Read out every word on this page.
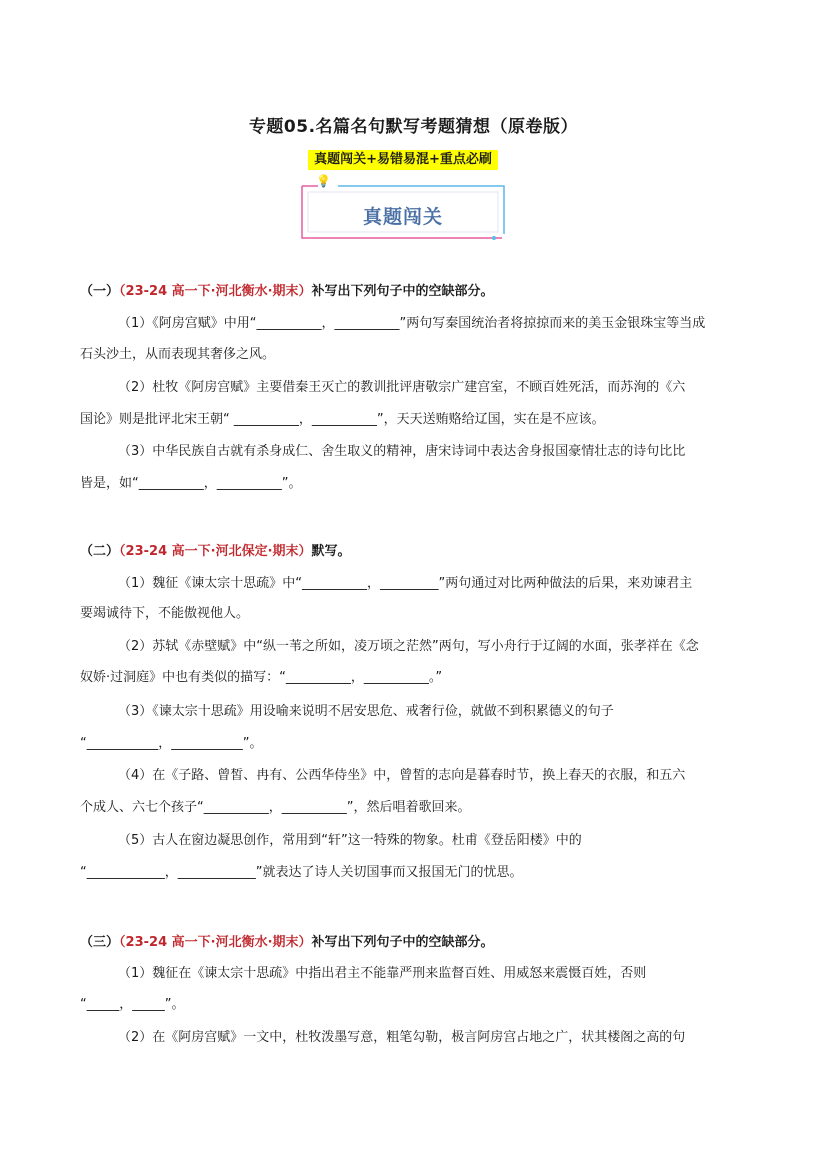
专题05.名篇名句默写考题猜想（原卷版）
真题闯关+易错易混+重点必刷
💡
真题闯关
（一）（23-24 高一下·河北衡水·期末）补写出下列句子中的空缺部分。
（1）《阿房宫赋》中用“__________，__________”两句写秦国统治者将掠掠而来的美玉金银珠宝等当成
石头沙土，从而表现其奢侈之风。
（2）杜牧《阿房宫赋》主要借秦王灭亡的教训批评唐敬宗广建宫室，不顾百姓死活，而苏洵的《六
国论》则是批评北宋王朝“ __________，__________”，天天送贿赂给辽国，实在是不应该。
（3）中华民族自古就有杀身成仁、舍生取义的精神，唐宋诗词中表达舍身报国豪情壮志的诗句比比
皆是，如“__________，__________”。
（二）（23-24 高一下·河北保定·期末）默写。
（1）魏征《谏太宗十思疏》中“__________，_________”两句通过对比两种做法的后果，来劝谏君主
要竭诚待下，不能傲视他人。
（2）苏轼《赤壁赋》中“纵一苇之所如，凌万顷之茫然”两句，写小舟行于辽阔的水面，张孝祥在《念
奴娇·过洞庭》中也有类似的描写：“__________，__________。”
（3）《谏太宗十思疏》用设喻来说明不居安思危、戒奢行俭，就做不到积累德义的句子
“___________，___________”。
（4）在《子路、曾皙、冉有、公西华侍坐》中，曾皙的志向是暮春时节，换上春天的衣服，和五六
个成人、六七个孩子“__________，__________”，然后唱着歌回来。
（5）古人在窗边凝思创作，常用到“轩”这一特殊的物象。杜甫《登岳阳楼》中的
“____________，____________”就表达了诗人关切国事而又报国无门的忧思。
（三）（23-24 高一下·河北衡水·期末）补写出下列句子中的空缺部分。
（1）魏征在《谏太宗十思疏》中指出君主不能靠严刑来监督百姓、用威怒来震慑百姓，否则
“_____，_____”。
（2）在《阿房宫赋》一文中，杜牧泼墨写意，粗笔勾勒，极言阿房宫占地之广，状其楼阁之高的句
